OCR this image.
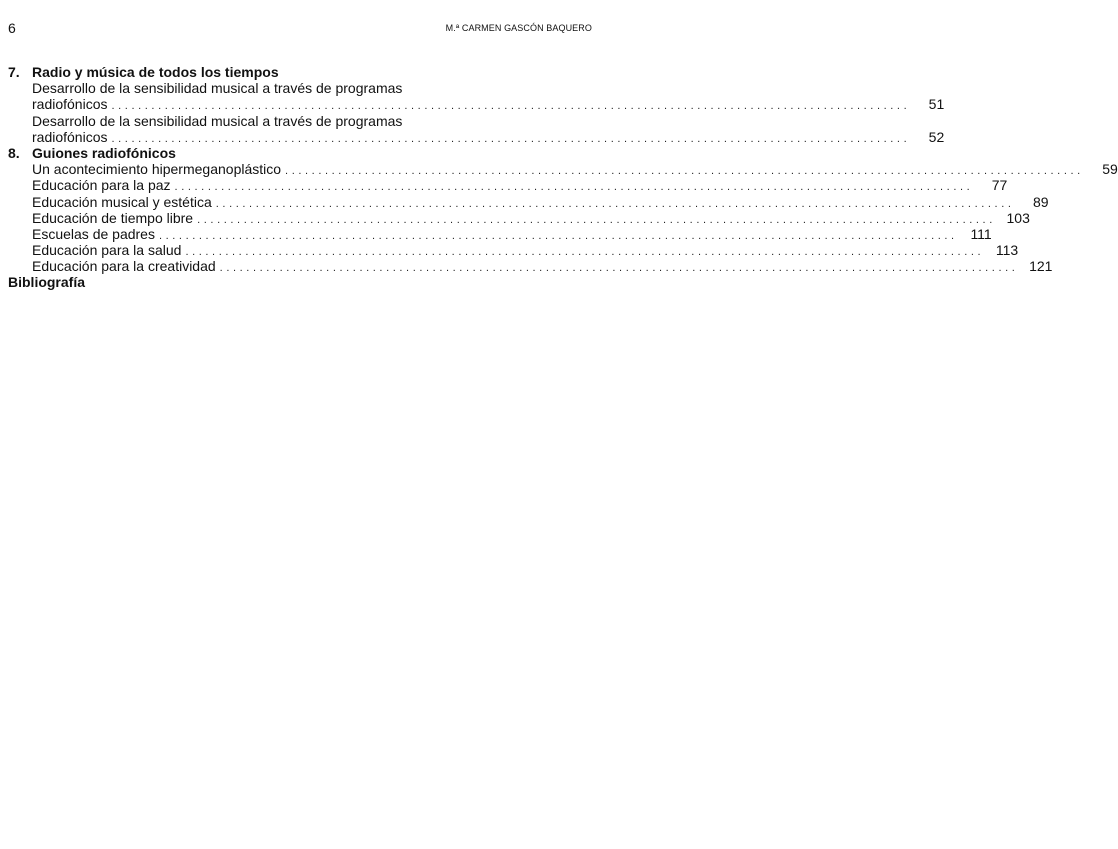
6	M.ª CARMEN GASCÓN BAQUERO
7. Radio y música de todos los tiempos
Desarrollo de la sensibilidad musical a través de programas
radiofónicos ........................................................................................................................	51
Desarrollo de la sensibilidad musical a través de programas
radiofónicos ........................................................................................................................	52
8. Guiones radiofónicos
Un acontecimiento hipermeganoplástico ........................................................................................................................	59
Educación para la paz ........................................................................................................................	77
Educación musical y estética ........................................................................................................................	89
Educación de tiempo libre ........................................................................................................................ 103
Escuelas de padres ........................................................................................................................ 111
Educación para la salud ........................................................................................................................ 113
Educación para la creatividad ........................................................................................................................ 121
Bibliografía
